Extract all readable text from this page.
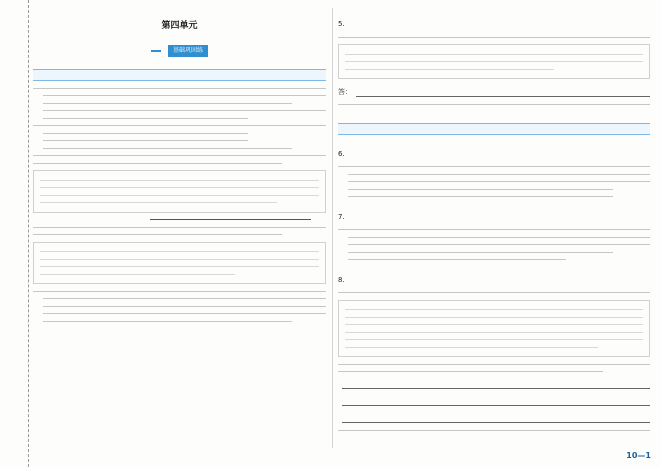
第四单元
基础巩固练
5.
答：
6.
7.
8.
10—1
